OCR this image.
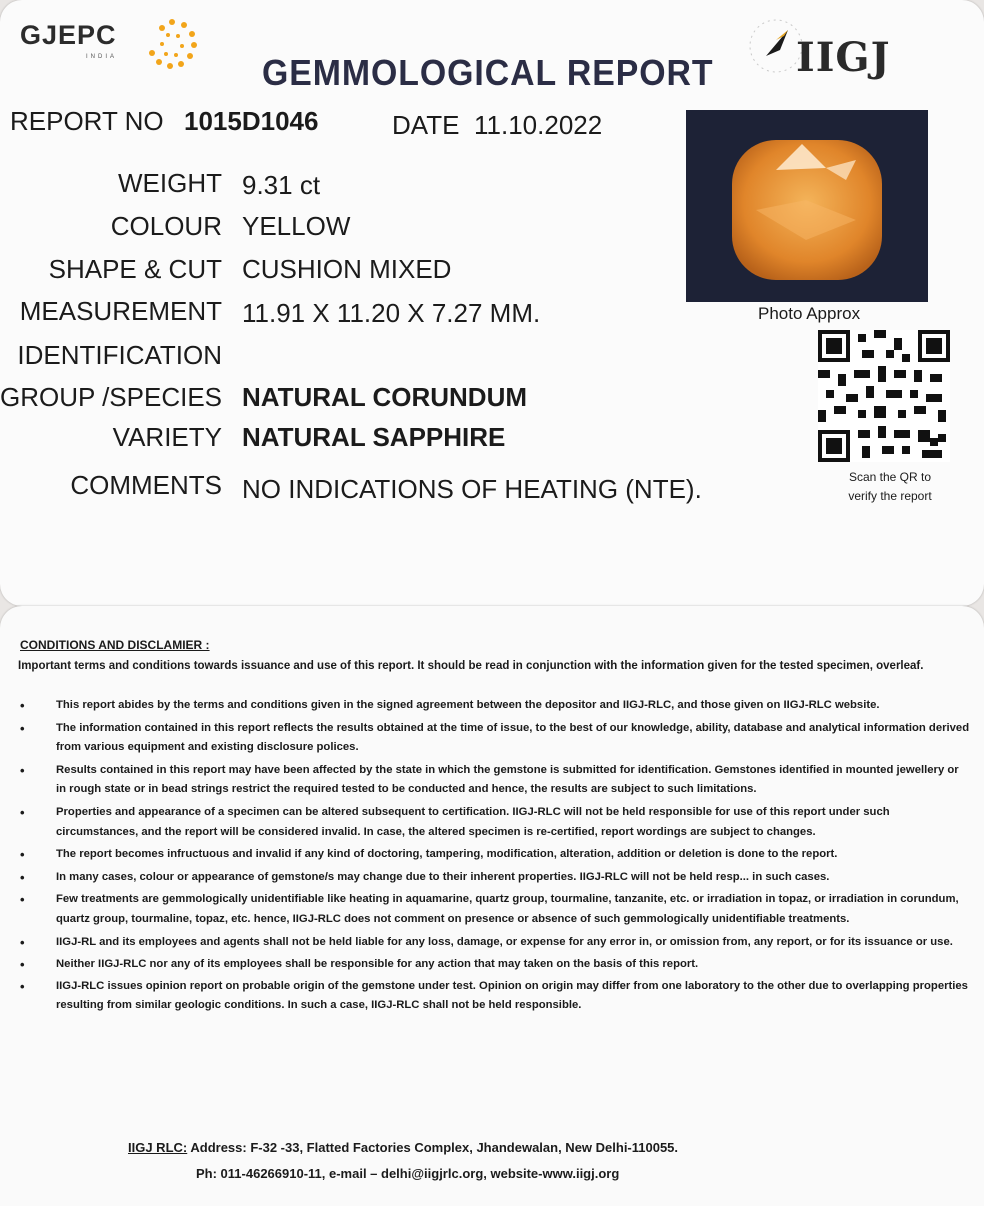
GJEPC
INDIA	IIGJ
GEMMOLOGICAL REPORT
REPORT NO 1015D1046	DATE 11.10.2022
WEIGHT 9.31 ct
COLOUR YELLOW
SHAPE & CUT CUSHION MIXED
MEASUREMENT 11.91 X 11.20 X 7.27 MM.
IDENTIFICATION
GROUP /SPECIES NATURAL CORUNDUM
VARIETY NATURAL SAPPHIRE
COMMENTS NO INDICATIONS OF HEATING (NTE).
Photo Approx
Scan the QR to
verify the report
CONDITIONS AND DISCLAMIER :
Important terms and conditions towards issuance and use of this report. It should be read in conjunction with the information given for the tested specimen, overleaf.
•	This report abides by the terms and conditions given in the signed agreement between the depositor and IIGJ-RLC, and those given on IIGJ-RLC website.
•	The information contained in this report reflects the results obtained at the time of issue, to the best of our knowledge, ability, database and analytical information derived from various equipment and existing disclosure polices.
•	Results contained in this report may have been affected by the state in which the gemstone is submitted for identification. Gemstones identified in mounted jewellery or in rough state or in bead strings restrict the required tested to be conducted and hence, the results are subject to such limitations.
•	Properties and appearance of a specimen can be altered subsequent to certification. IIGJ-RLC will not be held responsible for use of this report under such circumstances, and the report will be considered invalid. In case, the altered specimen is re-certified, report wordings are subject to changes.
•	The report becomes infructuous and invalid if any kind of doctoring, tampering, modification, alteration, addition or deletion is done to the report.
•	In many cases, colour or appearance of gemstone/s may change due to their inherent properties. IIGJ-RLC will not be held resp... in such cases.
•	Few treatments are gemmologically unidentifiable like heating in aquamarine, quartz group, tourmaline, tanzanite, etc. or irradiation in topaz, or irradiation in corundum, quartz group, tourmaline, topaz, etc. hence, IIGJ-RLC does not comment on presence or absence of such gemmologically unidentifiable treatments.
•	IIGJ-RL and its employees and agents shall not be held liable for any loss, damage, or expense for any error in, or omission from, any report, or for its issuance or use.
•	Neither IIGJ-RLC nor any of its employees shall be responsible for any action that may taken on the basis of this report.
•	IIGJ-RLC issues opinion report on probable origin of the gemstone under test. Opinion on origin may differ from one laboratory to the other due to overlapping properties resulting from similar geologic conditions. In such a case, IIGJ-RLC shall not be held responsible.
IIGJ RLC: Address: F-32 -33, Flatted Factories Complex, Jhandewalan, New Delhi-110055.
Ph: 011-46266910-11, e-mail – delhi@iigjrlc.org, website-www.iigj.org
